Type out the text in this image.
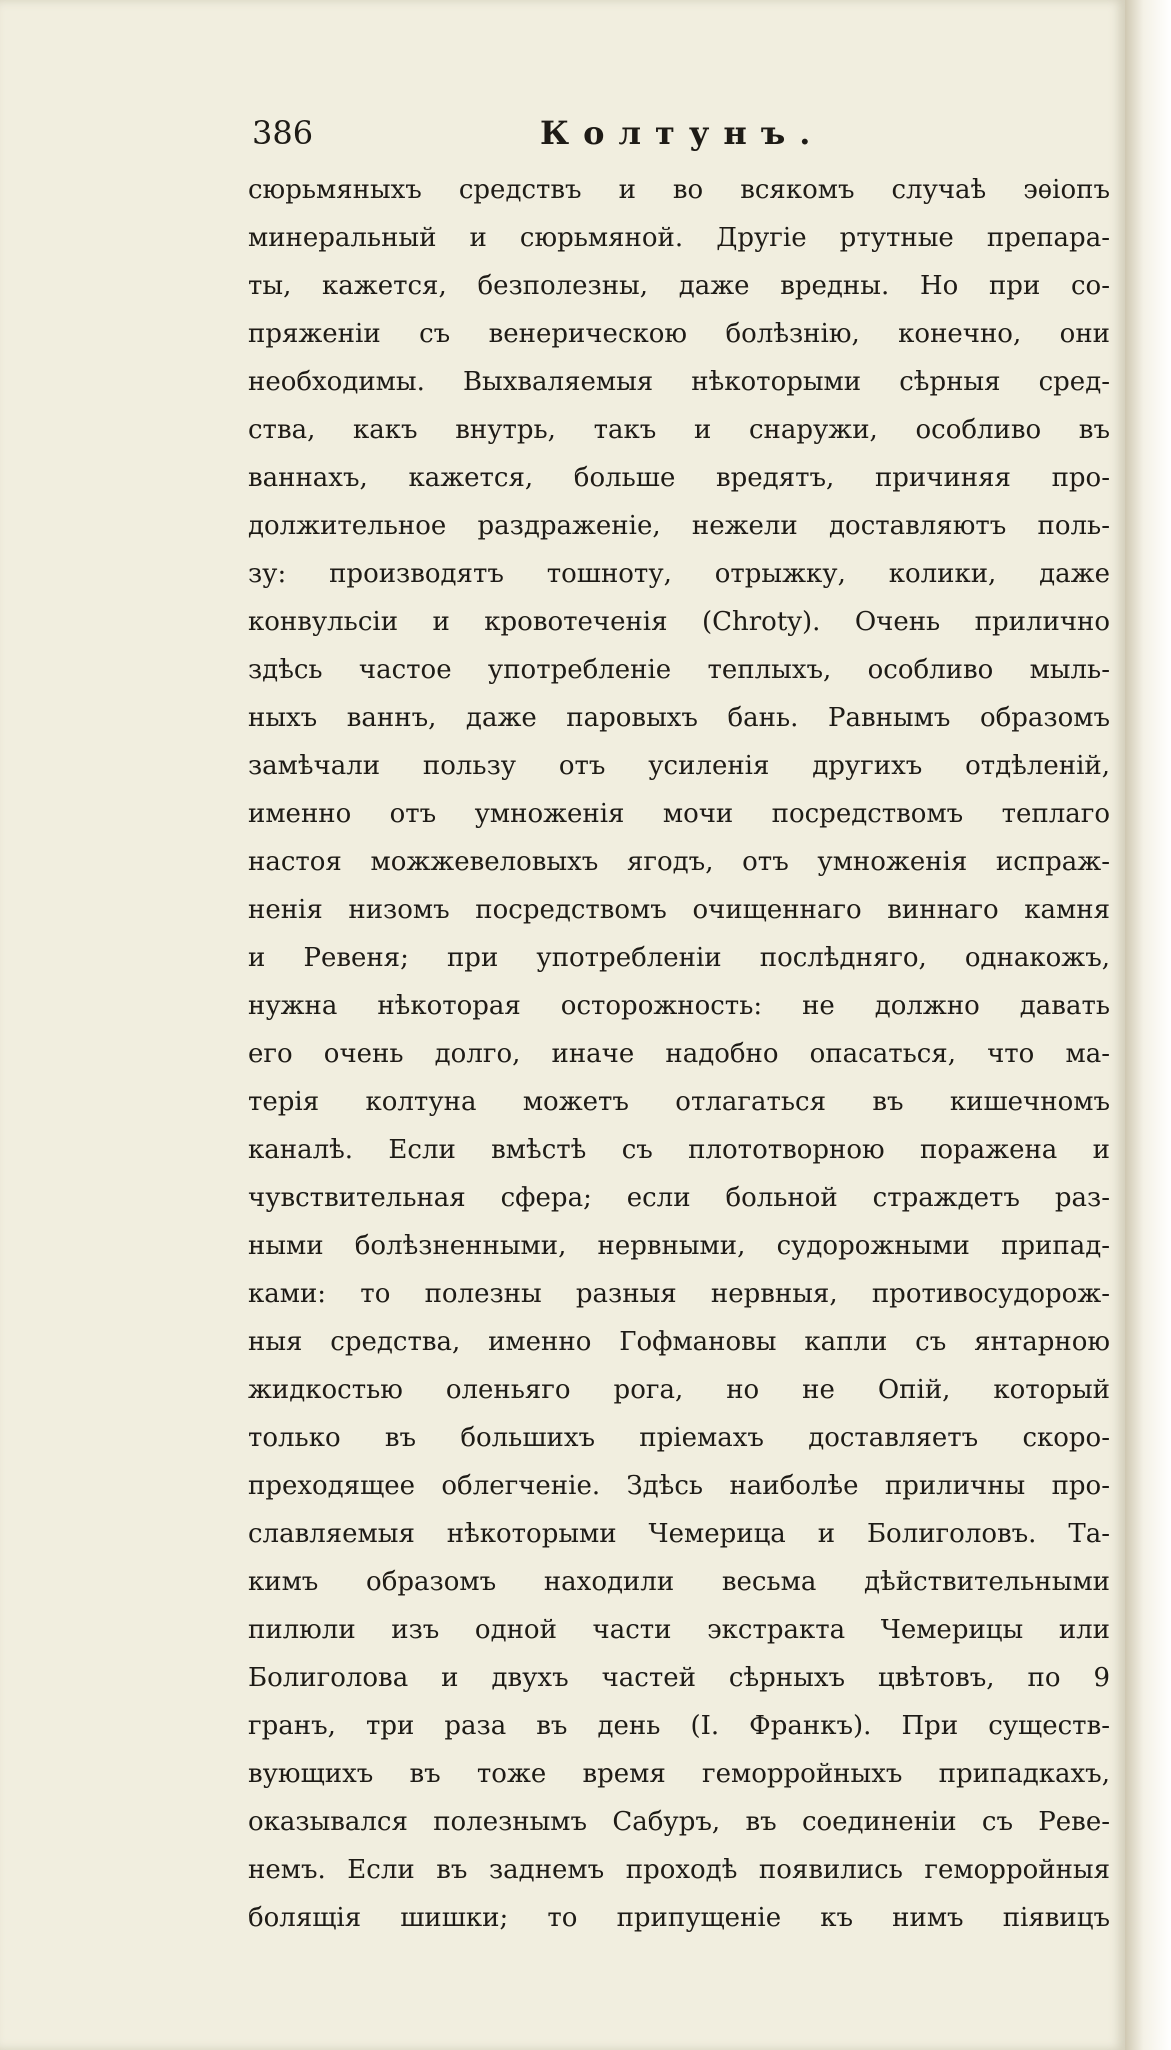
386	Колтунъ.
сюрьмяныхъ средствъ и во всякомъ случаѣ эѳіопъ
минеральный и сюрьмяной. Другіе ртутные препара-
ты, кажется, безполезны, даже вредны. Но при со-
пряженіи съ венерическою болѣзнію, конечно, они
необходимы. Выхваляемыя нѣкоторыми сѣрныя сред-
ства, какъ внутрь, такъ и снаружи, особливо въ
ваннахъ, кажется, больше вредятъ, причиняя про-
должительное раздраженіе, нежели доставляютъ поль-
зу: производятъ тошноту, отрыжку, колики, даже
конвульсіи и кровотеченія (Chroty). Очень прилично
здѣсь частое употребленіе теплыхъ, особливо мыль-
ныхъ ваннъ, даже паровыхъ бань. Равнымъ образомъ
замѣчали пользу отъ усиленія другихъ отдѣленій,
именно отъ умноженія мочи посредствомъ теплаго
настоя можжевеловыхъ ягодъ, отъ умноженія испраж-
ненія низомъ посредствомъ очищеннаго виннаго камня
и Ревеня; при употребленіи послѣдняго, однакожъ,
нужна нѣкоторая осторожность: не должно давать
его очень долго, иначе надобно опасаться, что ма-
терія колтуна можетъ отлагаться въ кишечномъ
каналѣ. Если вмѣстѣ съ плототворною поражена и
чувствительная сфера; если больной страждетъ раз-
ными болѣзненными, нервными, судорожными припад-
ками: то полезны разныя нервныя, противосудорож-
ныя средства, именно Гофмановы капли съ янтарною
жидкостью оленьяго рога, но не Опій, который
только въ большихъ пріемахъ доставляетъ скоро-
преходящее облегченіе. Здѣсь наиболѣе приличны про-
славляемыя нѣкоторыми Чемерица и Болиголовъ. Та-
кимъ образомъ находили весьма дѣйствительными
пилюли изъ одной части экстракта Чемерицы или
Болиголова и двухъ частей сѣрныхъ цвѣтовъ, по 9
гранъ, три раза въ день (I. Франкъ). При существ-
вующихъ въ тоже время геморройныхъ припадкахъ,
оказывался полезнымъ Сабуръ, въ соединеніи съ Реве-
немъ. Если въ заднемъ проходѣ появились геморройныя
болящія шишки; то припущеніе къ нимъ піявицъ
